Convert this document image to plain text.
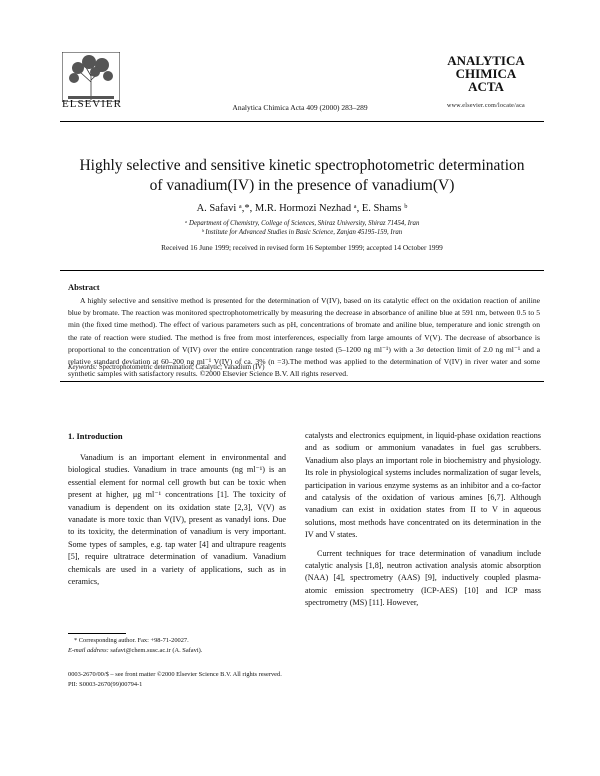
ELSEVIER	Analytica Chimica Acta 409 (2000) 283–289
ANALYTICA
CHIMICA
ACTA
www.elsevier.com/locate/aca
Highly selective and sensitive kinetic spectrophotometric determination
of vanadium(IV) in the presence of vanadium(V)
A. Safavi ᵃ,*, M.R. Hormozi Nezhad ᵃ, E. Shams ᵇ
ᵃ Department of Chemistry, College of Sciences, Shiraz University, Shiraz 71454, Iran
ᵇ Institute for Advanced Studies in Basic Science, Zanjan 45195-159, Iran
Received 16 June 1999; received in revised form 16 September 1999; accepted 14 October 1999
Abstract
A highly selective and sensitive method is presented for the determination of V(IV), based on its catalytic effect on the oxidation reaction of aniline blue by bromate. The reaction was monitored spectrophotometrically by measuring the decrease in absorbance of aniline blue at 591 nm, between 0.5 to 5 min (the fixed time method). The effect of various parameters such as pH, concentrations of bromate and aniline blue, temperature and ionic strength on the rate of reaction were studied. The method is free from most interferences, especially from large amounts of V(V). The decrease of absorbance is proportional to the concentration of V(IV) over the entire concentration range tested (5–1200 ng ml⁻¹) with a 3σ detection limit of 2.0 ng ml⁻¹ and a relative standard deviation at 60–200 ng ml⁻¹ V(IV) of ca. 3% (n =3).The method was applied to the determination of V(IV) in river water and some synthetic samples with satisfactory results. ©2000 Elsevier Science B.V. All rights reserved.
Keywords: Spectrophotometric determination; Catalytic; Vanadium (IV)
1. Introduction

Vanadium is an important element in environmental and biological studies. Vanadium in trace amounts (ng ml⁻¹) is an essential element for normal cell growth but can be toxic when present at higher, μg ml⁻¹ concentrations [1]. The toxicity of vanadium is dependent on its oxidation state [2,3], V(V) as vanadate is more toxic than V(IV), present as vanadyl ions. Due to its toxicity, the determination of vanadium is very important. Some types of samples, e.g. tap water [4] and ultrapure reagents [5], require ultratrace determination of vanadium. Vanadium chemicals are used in a variety of applications, such as in ceramics,

catalysts and electronics equipment, in liquid-phase oxidation reactions and as sodium or ammonium vanadates in fuel gas scrubbers. Vanadium also plays an important role in biochemistry and physiology. Its role in physiological systems includes normalization of sugar levels, participation in various enzyme systems as an inhibitor and a co-factor and catalysis of the oxidation of various amines [6,7]. Although vanadium can exist in oxidation states from II to V in aqueous solutions, most methods have concentrated on its determination in the IV and V states.

Current techniques for trace determination of vanadium include catalytic analysis [1,8], neutron activation analysis atomic absorption (NAA) [4], spectrometry (AAS) [9], inductively coupled plasma-atomic emission spectrometry (ICP-AES) [10] and ICP mass spectrometry (MS) [11]. However,

* Corresponding author. Fax: +98-71-20027.
E-mail address: safavi@chem.susc.ac.ir (A. Safavi).
0003-2670/00/$ – see front matter ©2000 Elsevier Science B.V. All rights reserved.
PII: S0003-2670(99)00794-1
